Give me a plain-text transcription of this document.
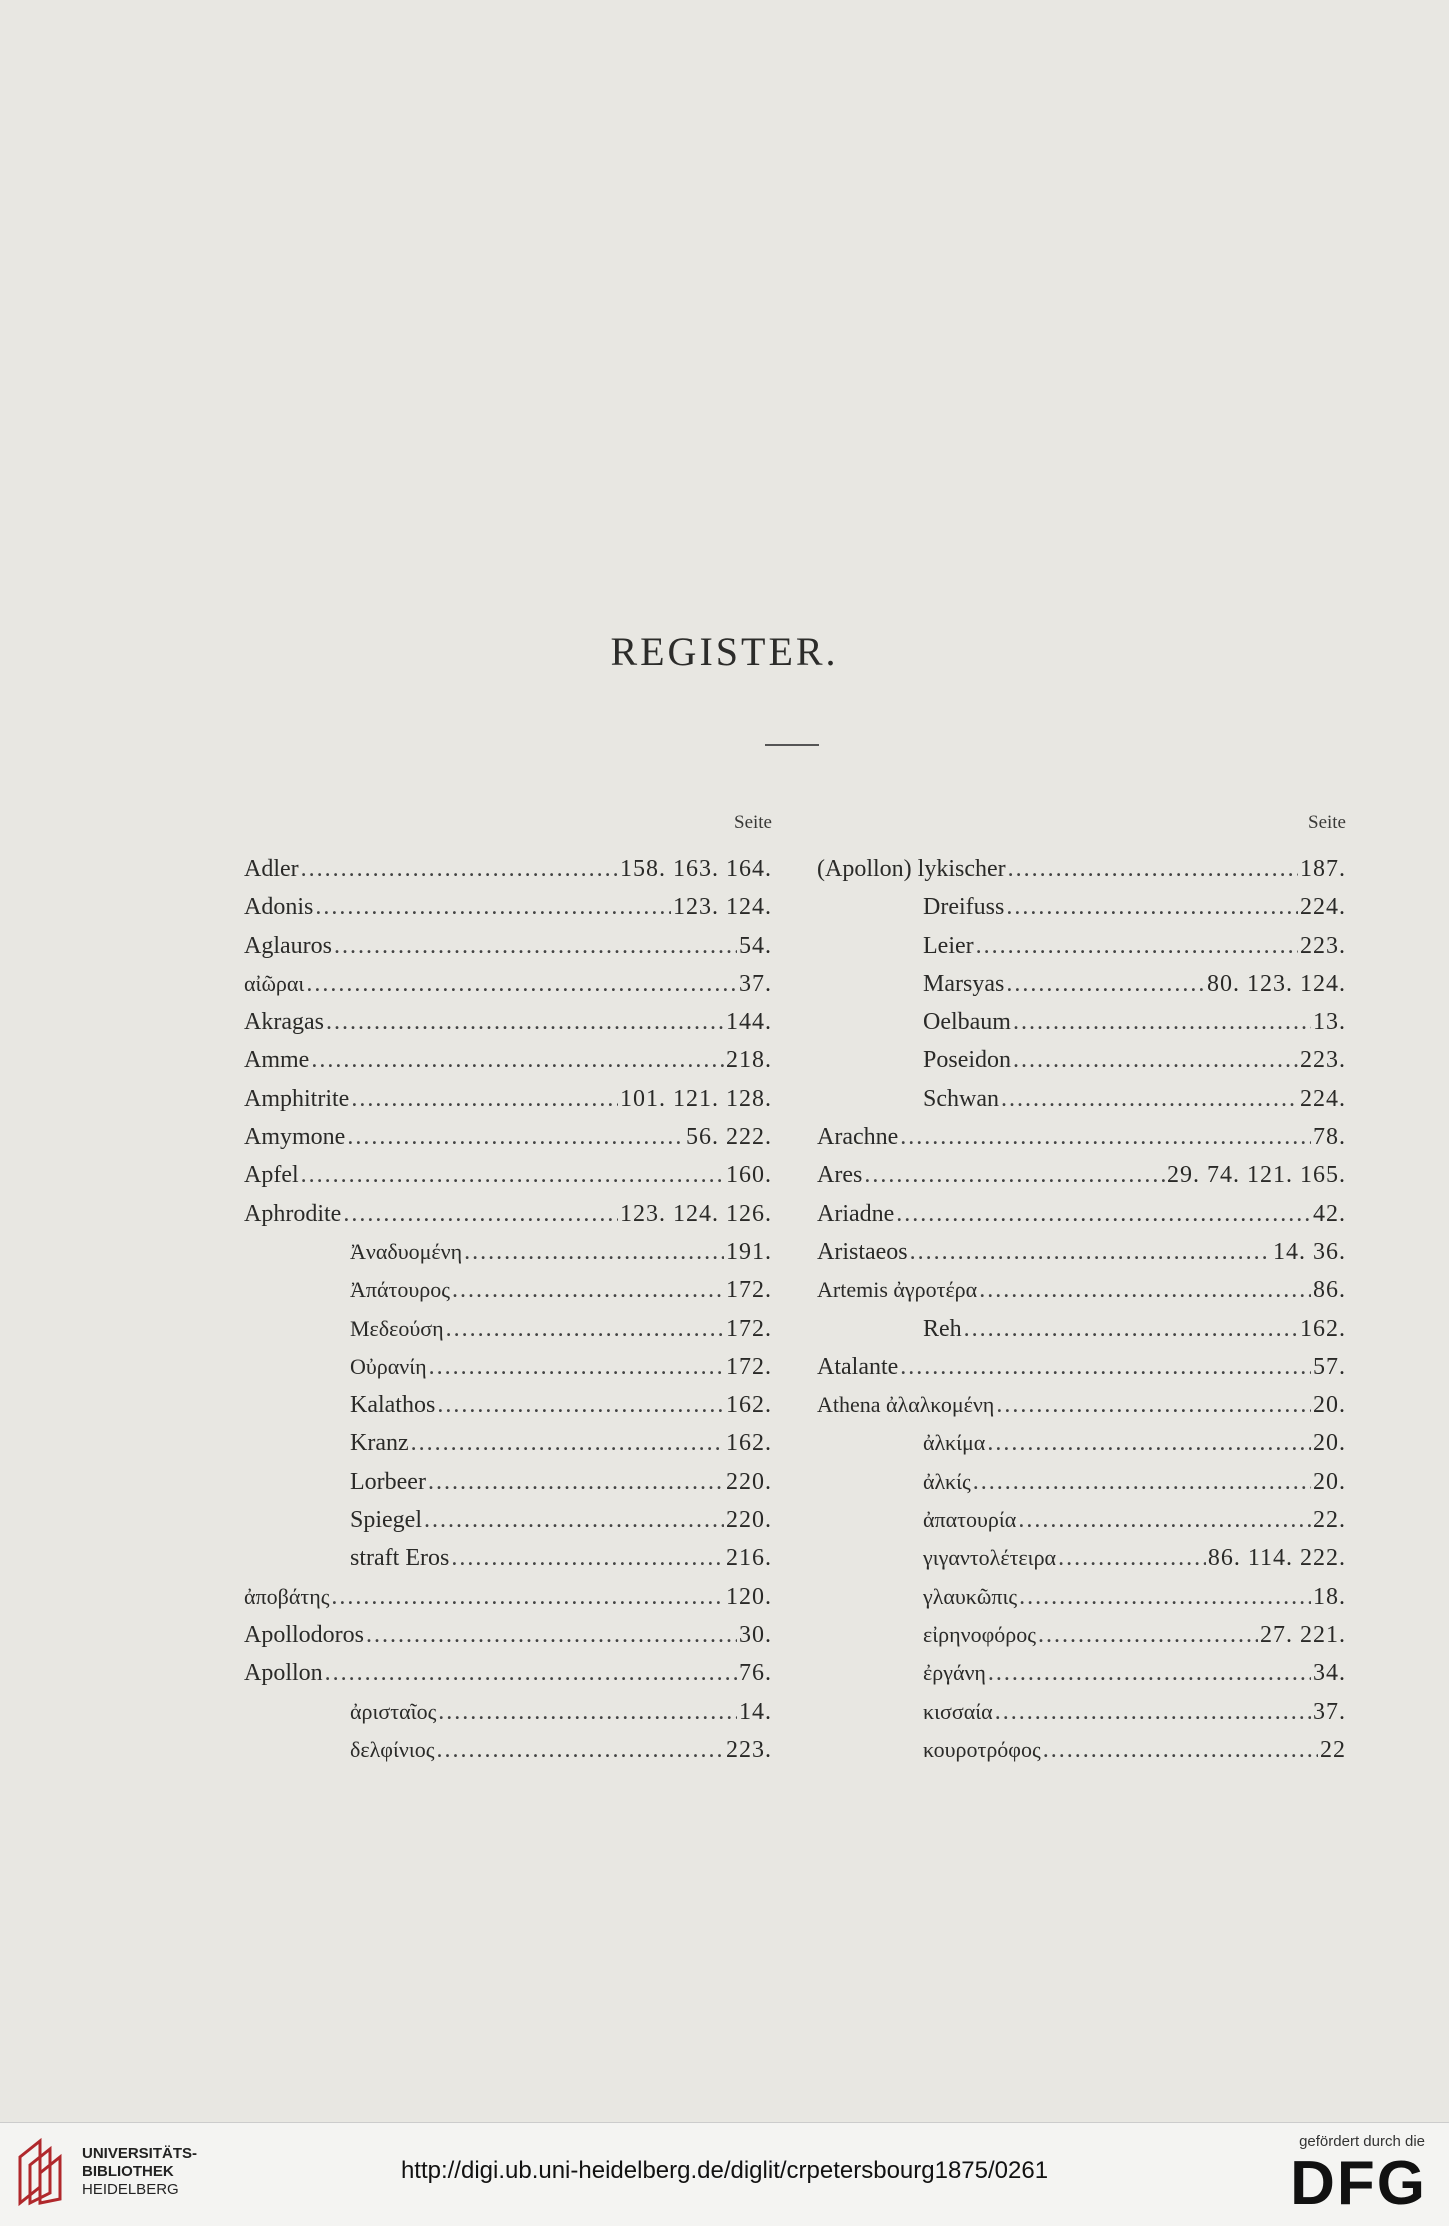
REGISTER.
Seite
Adler .....	158. 163. 164.
Adonis .....	123. 124.
Aglauros .....	54.
αἰῶραι .....	37.
Akragas .....	144.
Amme .....	218.
Amphitrite .....	101. 121. 128.
Amymone .....	56. 222.
Apfel .....	160.
Aphrodite .....	123. 124. 126.
Ἀναδυομένη .....	191.
Ἀπάτουρος .....	172.
Μεδεούση .....	172.
Οὐρανίη .....	172.
Kalathos .....	162.
Kranz .....	162.
Lorbeer .....	220.
Spiegel .....	220.
straft Eros .....	216.
ἀποβάτης .....	120.
Apollodoros .....	30.
Apollon .....	76.
ἀρισταῖος .....	14.
δελφίνιος .....	223.
Seite
(Apollon) lykischer .....	187.
Dreifuss .....	224.
Leier .....	223.
Marsyas .....	80. 123. 124.
Oelbaum .....	13.
Poseidon .....	223.
Schwan .....	224.
Arachne .....	78.
Ares .....	29. 74. 121. 165.
Ariadne .....	42.
Aristaeos .....	14. 36.
Artemis ἀγροτέρα .....	86.
Reh .....	162.
Atalante .....	57.
Athena ἀλαλκομένη .....	20.
ἀλκίμα .....	20.
ἀλκίς .....	20.
ἀπατουρία .....	22.
γιγαντολέτειρα .....	86. 114. 222.
γλαυκῶπις .....	18.
εἰρηνοφόρος .....	27. 221.
ἐργάνη .....	34.
κισσαία .....	37.
κουροτρόφος .....	22
UNIVERSITÄTS-
BIBLIOTHEK
HEIDELBERG
http://digi.ub.uni-heidelberg.de/diglit/crpetersbourg1875/0261
gefördert durch die
DFG
